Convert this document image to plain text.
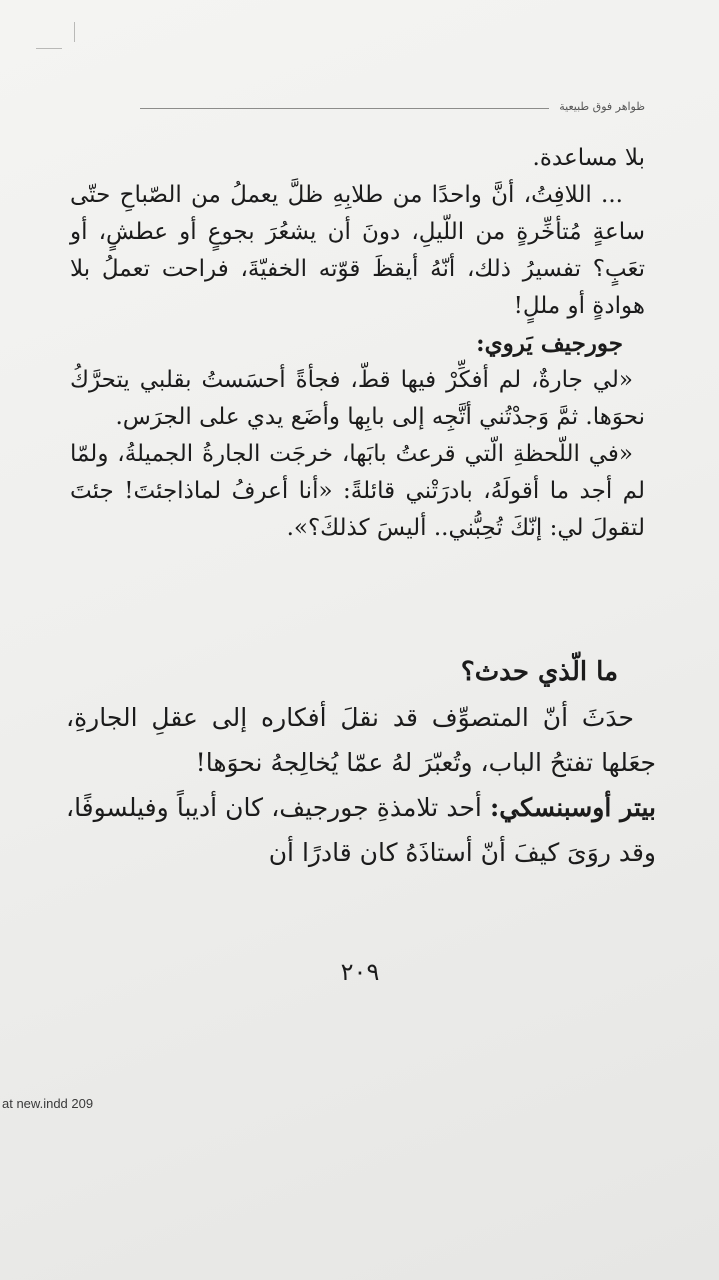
ظواهر فوق طبيعية

بلا مساعدة.

... اللافِتُ، أنَّ واحدًا من طلابِهِ ظلَّ يعملُ من الصّباحِ حتّى ساعةٍ مُتأخِّرةٍ من اللّيلِ، دونَ أن يشعُرَ بجوعٍ أو عطشٍ، أو تعَبٍ؟ تفسيرُ ذلك، أنّهُ أيقظَ قوّته الخفيّةَ، فراحت تعملُ بلا هوادةٍ أو مللٍ!

جورجيف يَروي:

«لي جارةٌ، لم أفكِّرْ فيها قطّ، فجأةً أحسَستُ بقلبي يتحرَّكُ نحوَها. ثمَّ وَجدْتُني أتَّجِه إلى بابِها وأضَع يدي على الجرَس.

«في اللّحظةِ الّتي قرعتُ بابَها، خرجَت الجارةُ الجميلةُ، ولمّا لم أجد ما أقولَهُ، بادرَتْني قائلةً: «أنا أعرفُ لماذاجئتَ! جئتَ لتقولَ لي: إنّكَ تُحِبُّني.. أليسَ كذلكَ؟».

ما الّذي حدث؟

حدَثَ أنّ المتصوِّف قد نقلَ أفكاره إلى عقلِ الجارةِ، جعَلها تفتحُ الباب، وتُعبّرَ لهُ عمّا يُخالِجهُ نحوَها!

بيتر أوسبنسكي: أحد تلامذةِ جورجيف، كان أديباً وفيلسوفًا، وقد روَىَ كيفَ أنّ أستاذَهُ كان قادرًا أن

٢٠٩
at new.indd 209
